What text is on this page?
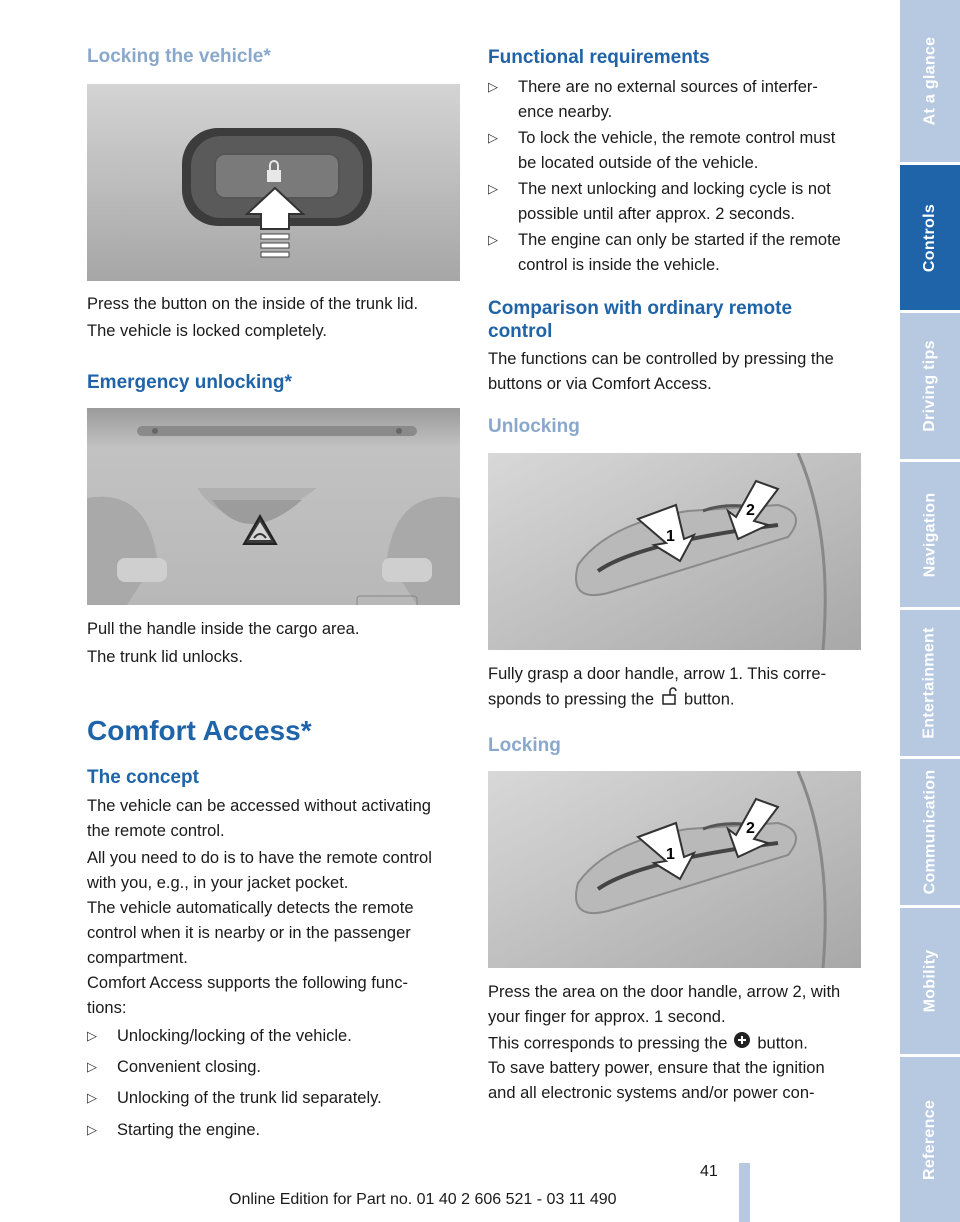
Locking the vehicle*

Press the button on the inside of the trunk lid.

The vehicle is locked completely.

Emergency unlocking*

Pull the handle inside the cargo area.

The trunk lid unlocks.

Comfort Access*
The concept

The vehicle can be accessed without activating
the remote control.

All you need to do is to have the remote control
with you, e.g., in your jacket pocket.

The vehicle automatically detects the remote
control when it is nearby or in the passenger
compartment.

Comfort Access supports the following func-
tions:

▷ Unlocking/locking of the vehicle.
▷ Convenient closing.
▷ Unlocking of the trunk lid separately.
▷ Starting the engine.
Functional requirements
▷ There are no external sources of interfer-
ence nearby.
▷ To lock the vehicle, the remote control must
be located outside of the vehicle.
▷ The next unlocking and locking cycle is not
possible until after approx. 2 seconds.
▷ The engine can only be started if the remote
control is inside the vehicle.
Comparison with ordinary remote
control

The functions can be controlled by pressing the
buttons or via Comfort Access.

Unlocking
1
2

Fully grasp a door handle, arrow 1. This corre-
sponds to pressing the button.

Locking
1
2

Press the area on the door handle, arrow 2, with
your finger for approx. 1 second.

This corresponds to pressing the button.

To save battery power, ensure that the ignition
and all electronic systems and/or power con-

At a glance
Controls
Driving tips
Navigation
Entertainment
Communication
Mobility
Reference
41
Online Edition for Part no. 01 40 2 606 521 - 03 11 490
